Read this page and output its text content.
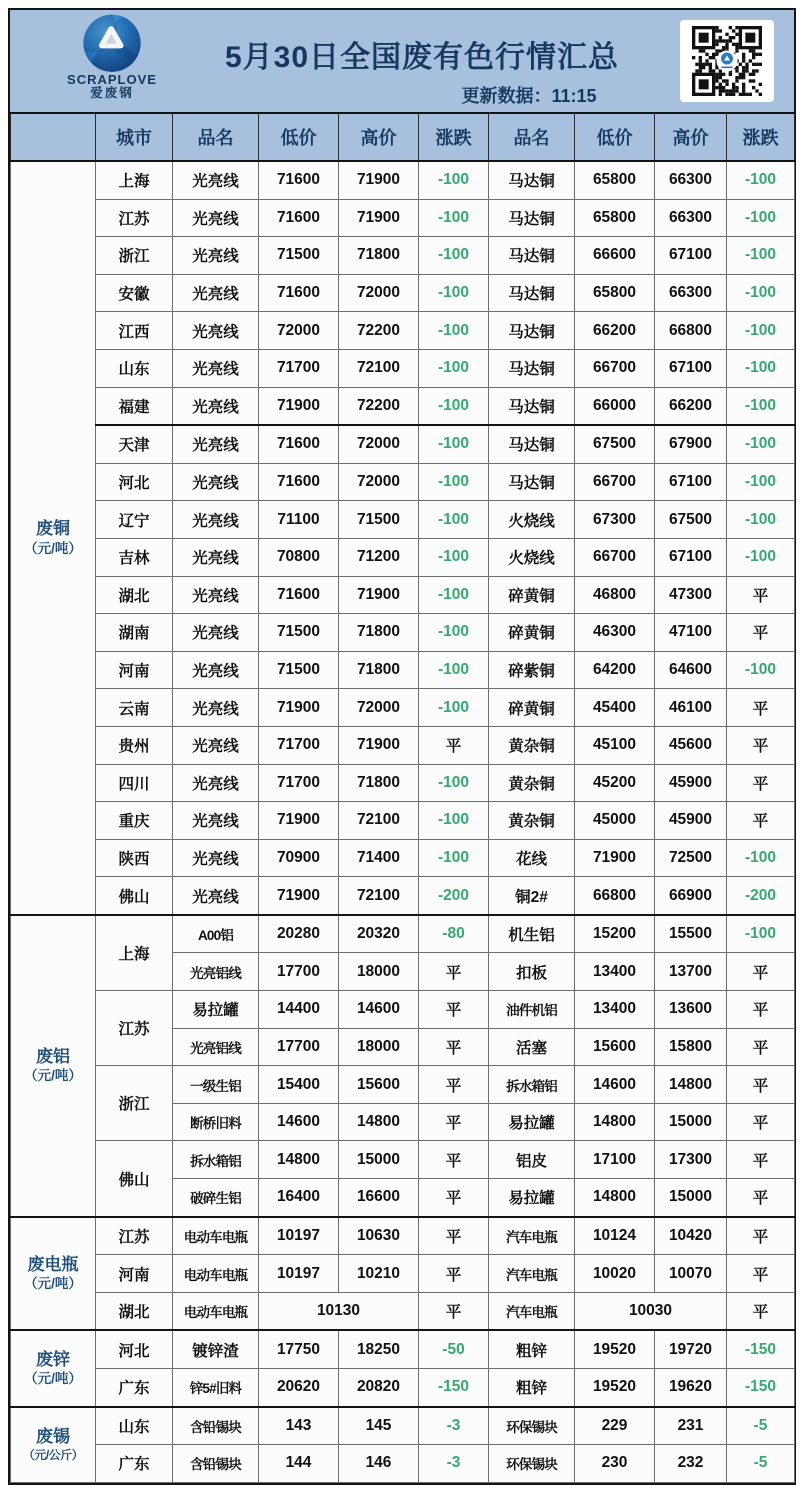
SCRAPLOVE
爱废钢
5月30日全国废有色行情汇总
更新数据：11:15
	城市	品名	低价	高价	涨跌	品名	低价	高价	涨跌

废铜
（元/吨）	上海	光亮线	71600	71900	-100	马达铜	65800	66300	-100
	江苏	光亮线	71600	71900	-100	马达铜	65800	66300	-100
	浙江	光亮线	71500	71800	-100	马达铜	66600	67100	-100
	安徽	光亮线	71600	72000	-100	马达铜	65800	66300	-100
	江西	光亮线	72000	72200	-100	马达铜	66200	66800	-100
	山东	光亮线	71700	72100	-100	马达铜	66700	67100	-100
	福建	光亮线	71900	72200	-100	马达铜	66000	66200	-100
	天津	光亮线	71600	72000	-100	马达铜	67500	67900	-100
	河北	光亮线	71600	72000	-100	马达铜	66700	67100	-100
	辽宁	光亮线	71100	71500	-100	火烧线	67300	67500	-100
	吉林	光亮线	70800	71200	-100	火烧线	66700	67100	-100
	湖北	光亮线	71600	71900	-100	碎黄铜	46800	47300	平
	湖南	光亮线	71500	71800	-100	碎黄铜	46300	47100	平
	河南	光亮线	71500	71800	-100	碎紫铜	64200	64600	-100
	云南	光亮线	71900	72000	-100	碎黄铜	45400	46100	平
	贵州	光亮线	71700	71900	平	黄杂铜	45100	45600	平
	四川	光亮线	71700	71800	-100	黄杂铜	45200	45900	平
	重庆	光亮线	71900	72100	-100	黄杂铜	45000	45900	平
	陕西	光亮线	70900	71400	-100	花线	71900	72500	-100
	佛山	光亮线	71900	72100	-200	铜2#	66800	66900	-200

废铝
（元/吨）	上海	A00铝	20280	20320	-80	机生铝	15200	15500	-100
		光亮铝线	17700	18000	平	扣板	13400	13700	平
	江苏	易拉罐	14400	14600	平	油件机铝	13400	13600	平
		光亮铝线	17700	18000	平	活塞	15600	15800	平
	浙江	一级生铝	15400	15600	平	拆水箱铝	14600	14800	平
		断桥旧料	14600	14800	平	易拉罐	14800	15000	平
	佛山	拆水箱铝	14800	15000	平	铝皮	17100	17300	平
		破碎生铝	16400	16600	平	易拉罐	14800	15000	平

废电瓶
（元/吨）	江苏	电动车电瓶	10197	10630	平	汽车电瓶	10124	10420	平
	河南	电动车电瓶	10197	10210	平	汽车电瓶	10020	10070	平
	湖北	电动车电瓶	10130		平	汽车电瓶	10030		平

废锌
（元/吨）	河北	镀锌渣	17750	18250	-50	粗锌	19520	19720	-150
	广东	锌5#旧料	20620	20820	-150	粗锌	19520	19620	-150

废锡
（元/公斤）	山东	含铅锡块	143	145	-3	环保锡块	229	231	-5
	广东	含铅锡块	144	146	-3	环保锡块	230	232	-5
